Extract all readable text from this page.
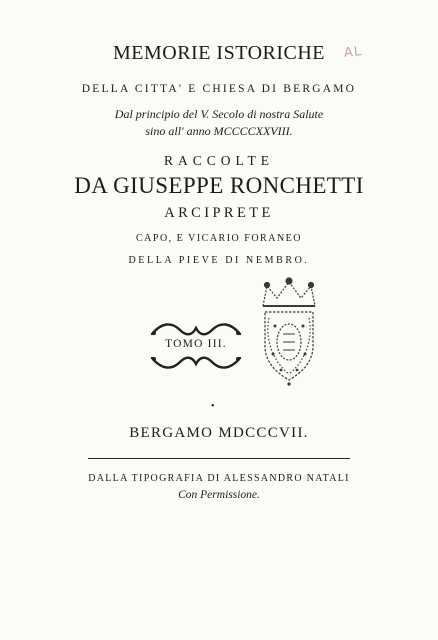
AL
MEMORIE ISTORICHE
DELLA CITTA' E CHIESA DI BERGAMO
Dal principio del V. Secolo di nostra Salute
sino all' anno MCCCCXXVIII.
RACCOLTE
DA GIUSEPPE RONCHETTI
ARCIPRETE
CAPO, E VICARIO FORANEO
DELLA PIEVE DI NEMBRO.
TOMO III.
•
BERGAMO MDCCCVII.
DALLA TIPOGRAFIA DI ALESSANDRO NATALI
Con Permissione.
